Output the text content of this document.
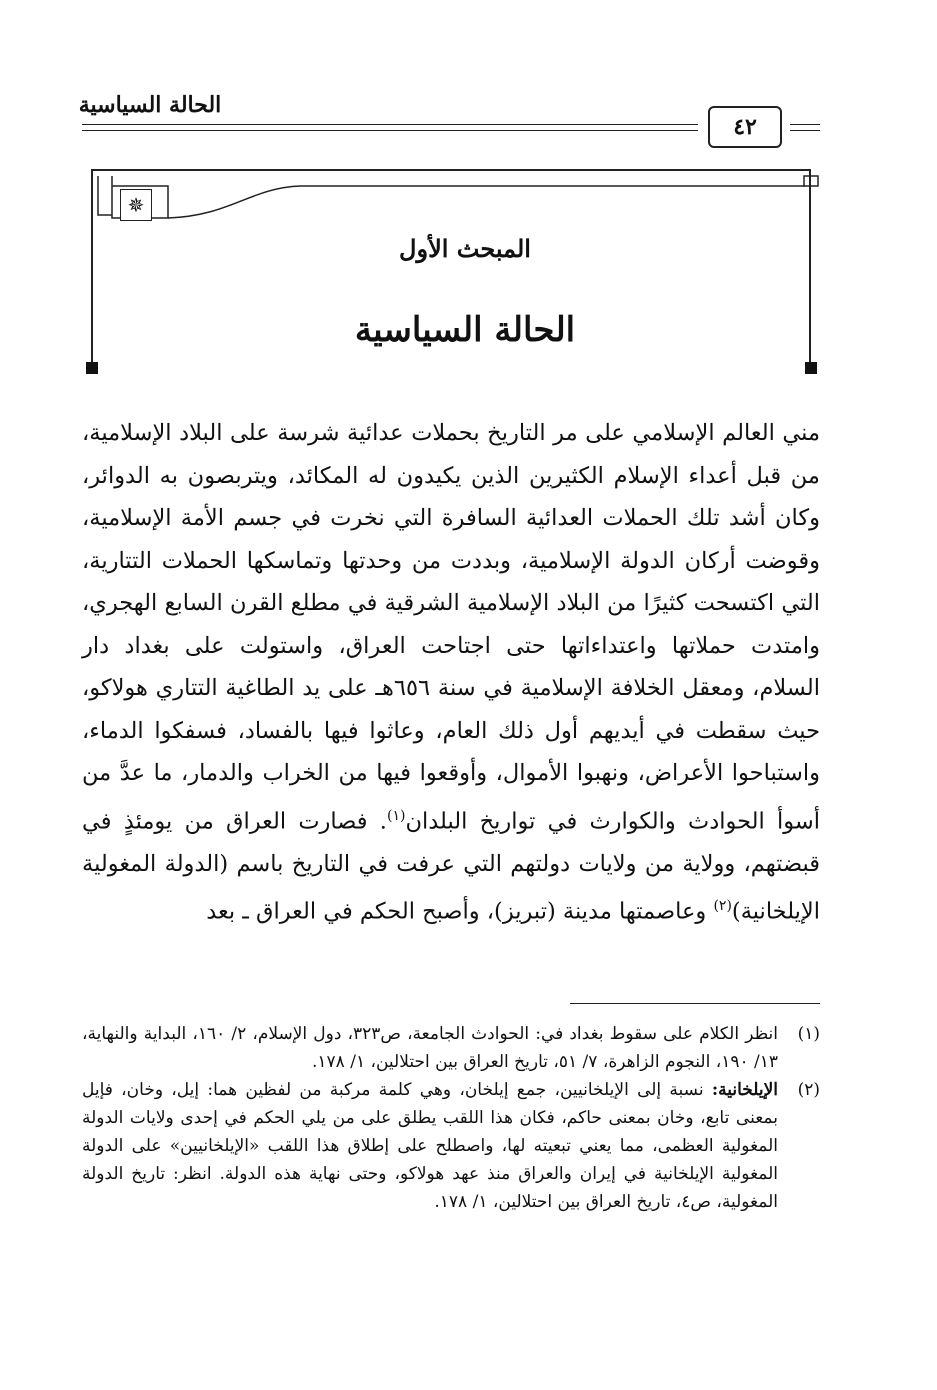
الحالة السياسية
٤٢
✵
المبحث الأول
الحالة السياسية
مني العالم الإسلامي على مر التاريخ بحملات عدائية شرسة على البلاد الإسلامية، من قبل أعداء الإسلام الكثيرين الذين يكيدون له المكائد، ويتربصون به الدوائر، وكان أشد تلك الحملات العدائية السافرة التي نخرت في جسم الأمة الإسلامية، وقوضت أركان الدولة الإسلامية، وبددت من وحدتها وتماسكها الحملات التتارية، التي اكتسحت كثيرًا من البلاد الإسلامية الشرقية في مطلع القرن السابع الهجري، وامتدت حملاتها واعتداءاتها حتى اجتاحت العراق، واستولت على بغداد دار السلام، ومعقل الخلافة الإسلامية في سنة ٦٥٦هـ على يد الطاغية التتاري هولاكو، حيث سقطت في أيديهم أول ذلك العام، وعاثوا فيها بالفساد، فسفكوا الدماء، واستباحوا الأعراض، ونهبوا الأموال، وأوقعوا فيها من الخراب والدمار، ما عدَّ من أسوأ الحوادث والكوارث في تواريخ البلدان$^{(١)}$. فصارت العراق من يومئذٍ في قبضتهم، وولاية من ولايات دولتهم التي عرفت في التاريخ باسم (الدولة المغولية الإيلخانية)$^{(٢)}$ وعاصمتها مدينة (تبريز)، وأصبح الحكم في العراق ـ بعد
(١)
انظر الكلام على سقوط بغداد في: الحوادث الجامعة، ص٣٢٣، دول الإسلام، ٢/ ١٦٠، البداية والنهاية، ١٣/ ١٩٠، النجوم الزاهرة، ٧/ ٥١، تاريخ العراق بين احتلالين، ١/ ١٧٨.
(٢)
الإيلخانية: نسبة إلى الإيلخانيين، جمع إيلخان، وهي كلمة مركبة من لفظين هما: إيل، وخان، فإيل بمعنى تابع، وخان بمعنى حاكم، فكان هذا اللقب يطلق على من يلي الحكم في إحدى ولايات الدولة المغولية العظمى، مما يعني تبعيته لها، واصطلح على إطلاق هذا اللقب «الإيلخانيين» على الدولة المغولية الإيلخانية في إيران والعراق منذ عهد هولاكو، وحتى نهاية هذه الدولة. انظر: تاريخ الدولة المغولية، ص٤، تاريخ العراق بين احتلالين، ١/ ١٧٨.
